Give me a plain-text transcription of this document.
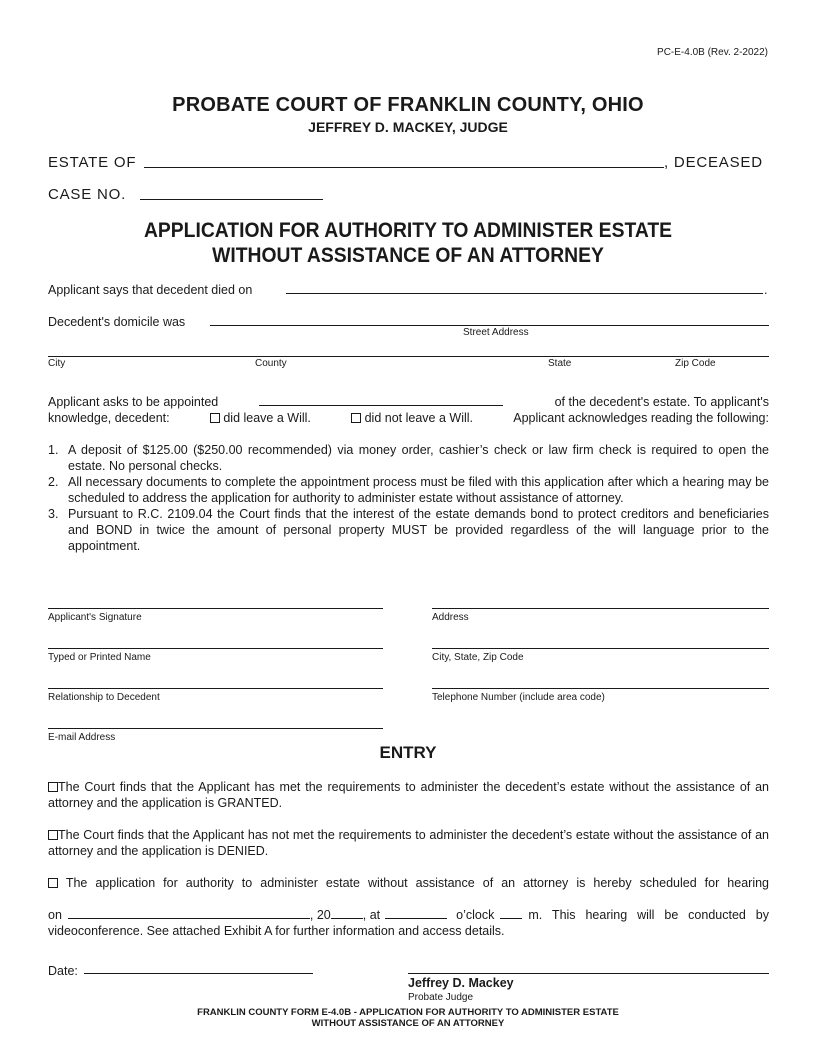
PC-E-4.0B (Rev. 2-2022)
PROBATE COURT OF FRANKLIN COUNTY, OHIO
JEFFREY D. MACKEY, JUDGE
ESTATE OF	, DECEASED
CASE NO.
APPLICATION FOR AUTHORITY TO ADMINISTER ESTATE
WITHOUT ASSISTANCE OF AN ATTORNEY
Applicant says that decedent died on	.
Decedent's domicile was
Street Address
City	County	State	Zip Code
Applicant asks to be appointed	of the decedent's estate. To applicant's
knowledge, decedent:	did leave a Will.	did not leave a Will.	Applicant acknowledges reading the following:
1. A deposit of $125.00 ($250.00 recommended) via money order, cashier’s check or law firm check is required to open the estate. No personal checks.
2. All necessary documents to complete the appointment process must be filed with this application after which a hearing may be scheduled to address the application for authority to administer estate without assistance of attorney.
3. Pursuant to R.C. 2109.04 the Court finds that the interest of the estate demands bond to protect creditors and beneficiaries and BOND in twice the amount of personal property MUST be provided regardless of the will language prior to the appointment.
Applicant's Signature
Typed or Printed Name
Relationship to Decedent
E-mail Address
Address
City, State, Zip Code
Telephone Number (include area code)
ENTRY
The Court finds that the Applicant has met the requirements to administer the decedent’s estate without the assistance of an attorney and the application is GRANTED.
The Court finds that the Applicant has not met the requirements to administer the decedent’s estate without the assistance of an attorney and the application is DENIED.
The application for authority to administer estate without assistance of an attorney is hereby scheduled for hearing
on	, 20	, at	o’clock	m. This hearing will be conducted by
videoconference. See attached Exhibit A for further information and access details.
Date:
Jeffrey D. Mackey
Probate Judge
FRANKLIN COUNTY FORM E-4.0B - APPLICATION FOR AUTHORITY TO ADMINISTER ESTATE
WITHOUT ASSISTANCE OF AN ATTORNEY
